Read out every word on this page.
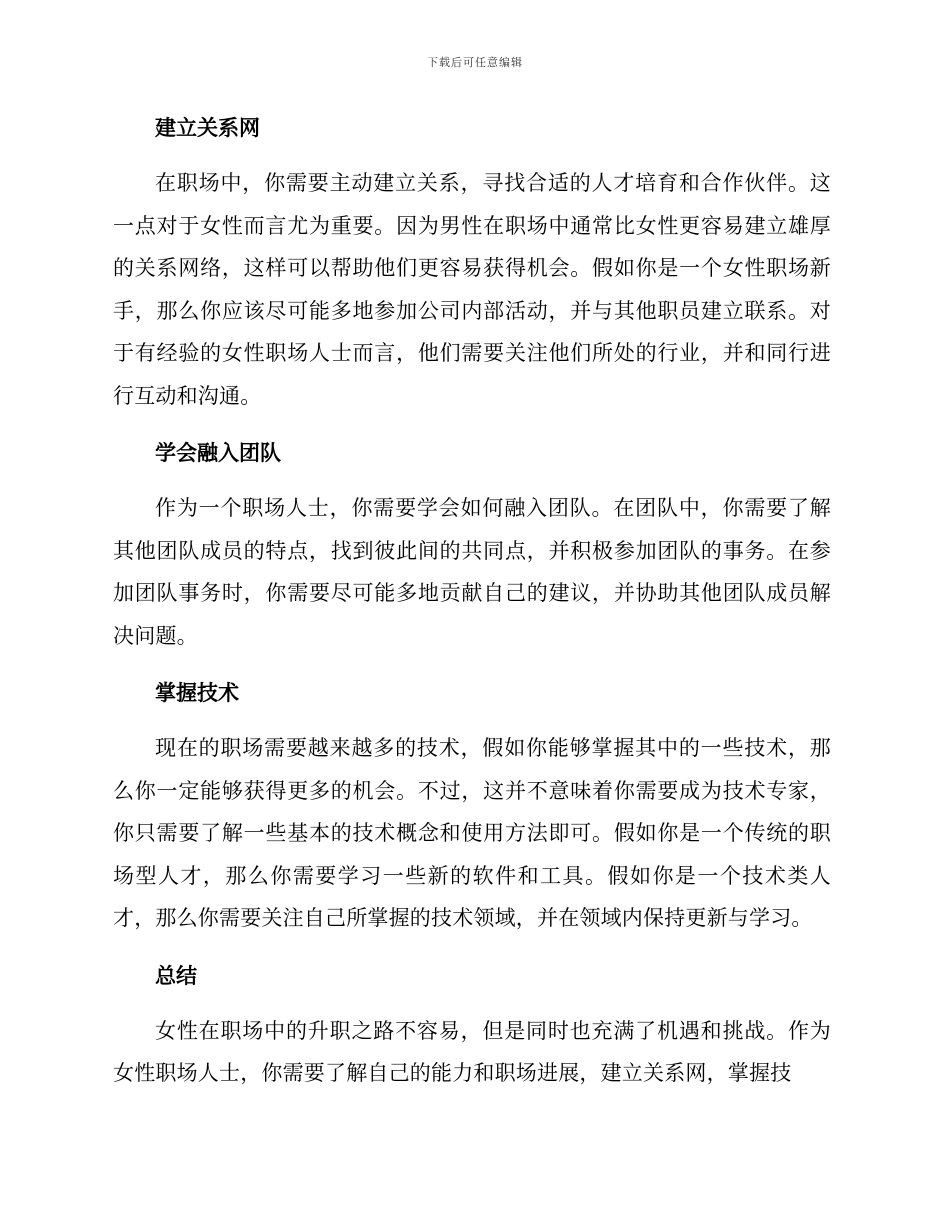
下载后可任意编辑
建立关系网

在职场中，你需要主动建立关系，寻找合适的人才培育和合作伙伴。这一点对于女性而言尤为重要。因为男性在职场中通常比女性更容易建立雄厚的关系网络，这样可以帮助他们更容易获得机会。假如你是一个女性职场新手，那么你应该尽可能多地参加公司内部活动，并与其他职员建立联系。对于有经验的女性职场人士而言，他们需要关注他们所处的行业，并和同行进行互动和沟通。

学会融入团队

作为一个职场人士，你需要学会如何融入团队。在团队中，你需要了解其他团队成员的特点，找到彼此间的共同点，并积极参加团队的事务。在参加团队事务时，你需要尽可能多地贡献自己的建议，并协助其他团队成员解决问题。

掌握技术

现在的职场需要越来越多的技术，假如你能够掌握其中的一些技术，那么你一定能够获得更多的机会。不过，这并不意味着你需要成为技术专家，你只需要了解一些基本的技术概念和使用方法即可。假如你是一个传统的职场型人才，那么你需要学习一些新的软件和工具。假如你是一个技术类人才，那么你需要关注自己所掌握的技术领域，并在领域内保持更新与学习。

总结

女性在职场中的升职之路不容易，但是同时也充满了机遇和挑战。作为女性职场人士，你需要了解自己的能力和职场进展，建立关系网，掌握技
